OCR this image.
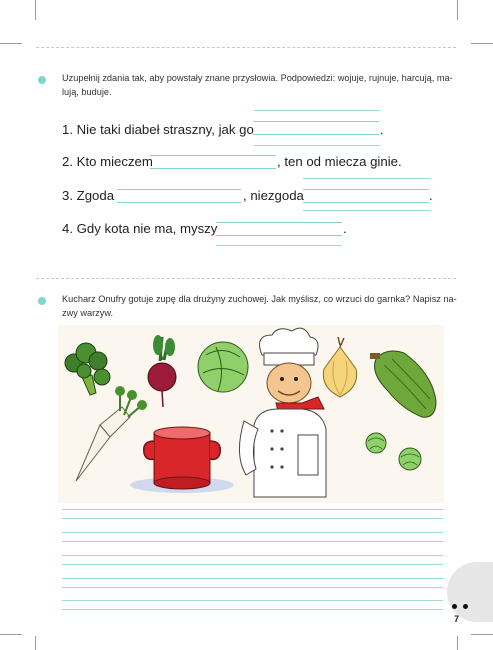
Uzupełnij zdania tak, aby powstały znane przysłowia. Podpowiedzi: wojuje, rujnuje, harcują, ma-
lują, buduje.
1. Nie taki diabeł straszny, jak go	.
2. Kto mieczem	, ten od miecza ginie.
3. Zgoda	, niezgoda	.
4. Gdy kota nie ma, myszy	.
Kucharz Onufry gotuje zupę dla drużyny zuchowej. Jak myślisz, co wrzuci do garnka? Napisz na-
zwy warzyw.
7
